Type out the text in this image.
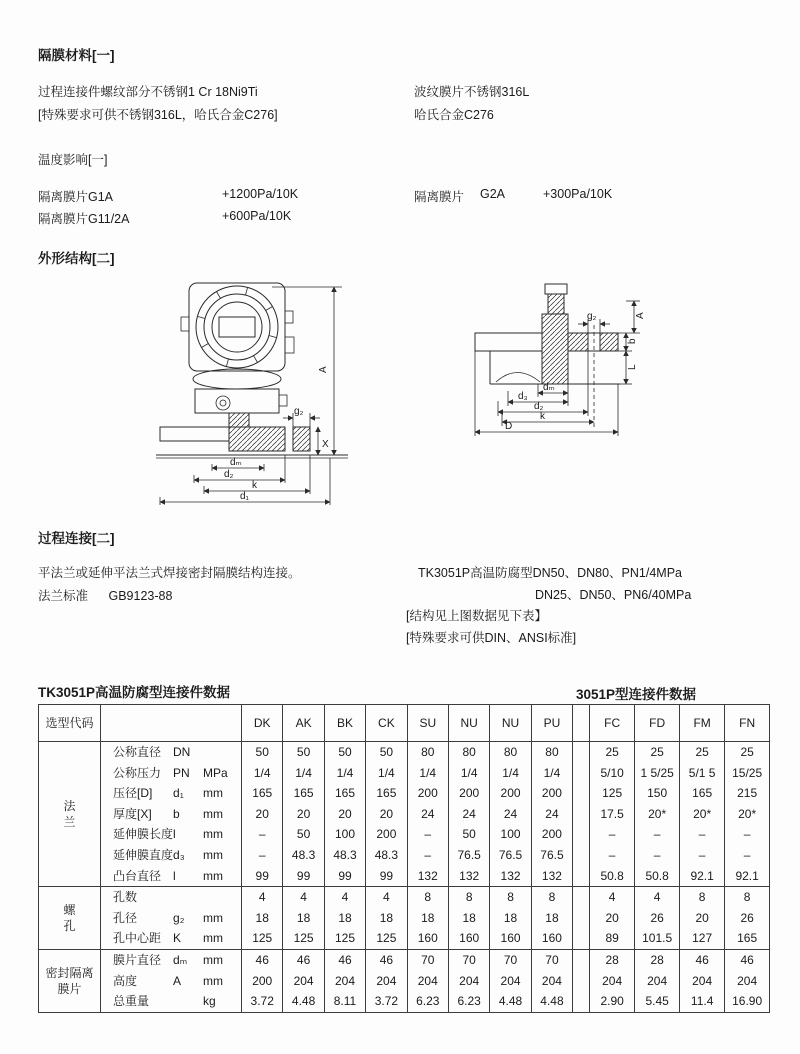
隔膜材料[一]
过程连接件螺纹部分不锈钢1 Cr 18Ni9Ti
[特殊要求可供不锈钢316L，哈氏合金C276]
波纹膜片不锈钢316L
哈氏合金C276
温度影响[一]
隔离膜片G1A	+1200Pa/10K	隔离膜片 G2A	+300Pa/10K
隔离膜片G11/2A	+600Pa/10K
外形结构[二]
A
g₂
X
dₘ
d₂
k
d₁
g₂	A
b
L
dₘ
d₃
d₂
k
D
过程连接[二]
平法兰或延伸平法兰式焊接密封隔膜结构连接。
法兰标准 GB9123-88
TK3051P高温防腐型DN50、DN80、PN1/4MPa
DN25、DN50、PN6/40MPa
[结构见上图数据见下表】
[特殊要求可供DIN、ANSI标准]
TK3051P高温防腐型连接件数据	3051P型连接件数据
选型代码		DK	AK	BK	CK	SU	NU	NU	PU		FC	FD	FM	FN

法
兰

公称直径	DN	50	50	50	50	80	80	80	80		25	25	25	25

	公称压力 PN MPa	1/4	1/4	1/4	1/4	1/4	1/4	1/4	1/4		5/10	1 5/25	5/1 5	15/25

	压径[D] d₁ mm	165	165	165	165	200	200	200	200		125	150	165	215

	厚度[X] b mm	20	20	20	20	24	24	24	24		17.5	20*	20*	20*

	延伸膜长度 l mm	–	50	100	200	–	50	100	200		–	–	–	–

	延伸膜直度 d₃ mm	–	48.3	48.3	48.3	–	76.5	76.5	76.5		–	–	–	–

	凸台直径 l mm	99	99	99	99	132	132	132	132		50.8	50.8	92.1	92.1

螺
孔	孔数	4	4	4	4	8	8	8	8		4	4	8	8

	孔径 g₂ mm	18	18	18	18	18	18	18	18		20	26	20	26

	孔中心距 K mm	125	125	125	125	160	160	160	160		89	101.5	127	165

密封隔离
膜片

膜片直径	dₘ	mm	46	46	46	46	70	70	70	70		28	28	46	46

	高度 A mm	200	204	204	204	204	204	204	204		204	204	204	204

	总重量 kg	3.72	4.48	8.11	3.72	6.23	6.23	4.48	4.48		2.90	5.45	11.4	16.90
